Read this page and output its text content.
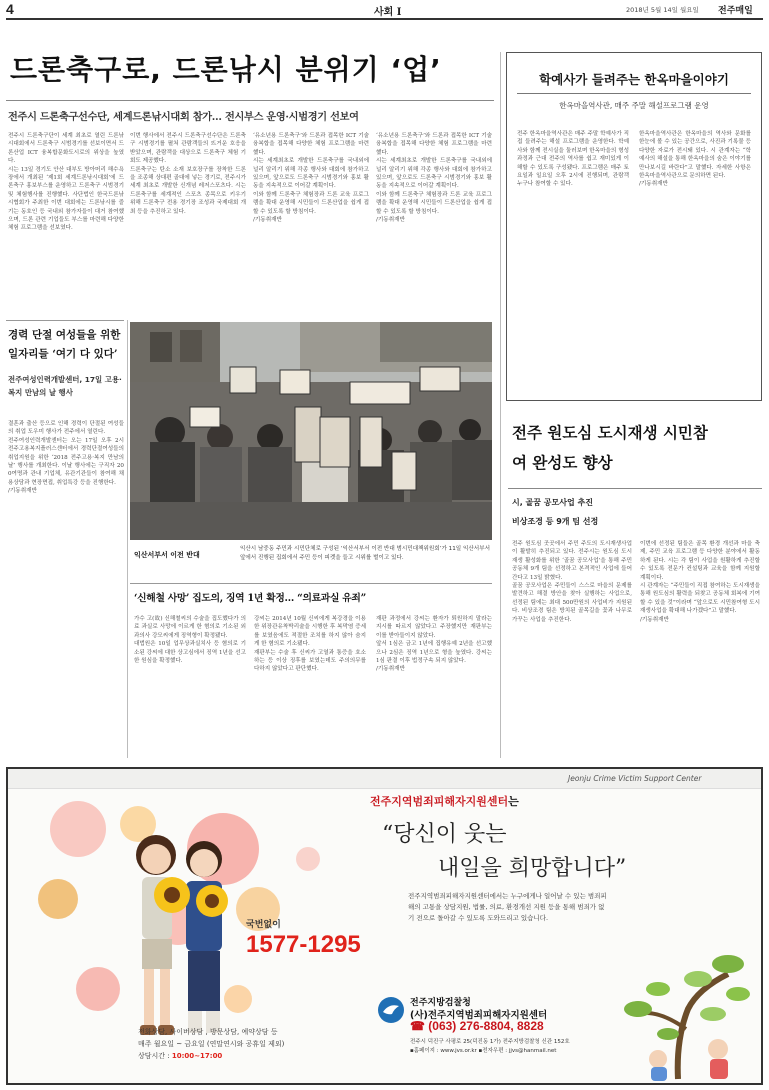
4	사회 Ⅰ	2018년 5월 14일 월요일 전주매일
드론축구로, 드론낚시 분위기 ‘업’
전주시 드론축구선수단, 세계드론낚시대회 참가… 전시부스 운영·시범경기 선보여
전주시 드론축구단이 세계 최초로 열린 드론낚시대회에서 드론축구 시범경기를 선보이면서 드론산업 ICT 융복합문화도시로의 위상을 높였다.
시는 13일 경기도 안산 대부도 방아머리 해수욕장에서 개최된 ‘제1회 세계드론낚시대회’에 드론축구 홍보부스를 운영하고 드론축구 시범경기 및 체험행사를 진행했다. 사단법인 한국드론낚시협회가 주최한 이번 대회에는 드론낚시를 즐기는 동호인 등 국내외 참가자들이 대거 참여했으며, 드론 관련 기업들도 부스를 마련해 다양한 체험 프로그램을 선보였다.
이번 행사에서 전주시 드론축구선수단은 드론축구 시범경기를 펼쳐 관람객들의 뜨거운 호응을 받았으며, 관람객을 대상으로 드론축구 체험 기회도 제공했다.
드론축구는 탄소 소재 보호장구를 장착한 드론을 조종해 상대편 골대에 넣는 경기로, 전주시가 세계 최초로 개발한 신개념 레저스포츠다. 시는 드론축구를 세계적인 스포츠 종목으로 키우기 위해 드론축구 전용 경기장 조성과 국제대회 개최 등을 추진하고 있다.
‘유소년용 드론축구’와 드론과 접목한 ICT 기술 융복합을 접목해 다양한 체험 프로그램을 마련했다.
시는 세계최초로 개발한 드론축구를 국내외에 널리 알리기 위해 각종 행사와 대회에 참가하고 있으며, 앞으로도 드론축구 시범경기와 홍보 활동을 지속적으로 이어갈 계획이다.
이와 함께 드론축구 체험장과 드론 교육 프로그램을 확대 운영해 시민들이 드론산업을 쉽게 접할 수 있도록 할 방침이다.
/기동취재반
‘유소년용 드론축구’와 드론과 접목한 ICT 기술 융복합을 접목해 다양한 체험 프로그램을 마련했다.
시는 세계최초로 개발한 드론축구를 국내외에 널리 알리기 위해 각종 행사와 대회에 참가하고 있으며, 앞으로도 드론축구 시범경기와 홍보 활동을 지속적으로 이어갈 계획이다.
이와 함께 드론축구 체험장과 드론 교육 프로그램을 확대 운영해 시민들이 드론산업을 쉽게 접할 수 있도록 할 방침이다.
/기동취재반
학예사가 들려주는 한옥마을이야기
한옥마을역사관, 매주 주말 해설프로그램 운영
전주 한옥마을역사관은 매주 주말 학예사가 직접 들려주는 해설 프로그램을 운영한다. 학예사와 함께 전시실을 둘러보며 한옥마을의 형성 과정과 근대 전주의 역사를 쉽고 재미있게 이해할 수 있도록 구성됐다. 프로그램은 매주 토요일과 일요일 오후 2시에 진행되며, 관람객 누구나 참여할 수 있다.
한옥마을역사관은 한옥마을의 역사와 문화를 한눈에 볼 수 있는 공간으로, 사진과 기록물 등 다양한 자료가 전시돼 있다. 시 관계자는 “학예사의 해설을 통해 한옥마을의 숨은 이야기를 만나보시길 바란다”고 말했다. 자세한 사항은 한옥마을역사관으로 문의하면 된다.
/기동취재반
경력 단절 여성들을 위한 일자리들 ‘여기 다 있다’
전주여성인력개발센터, 17일 고용·복지 만남의 날 행사
결혼과 출산 등으로 인해 경력이 단절된 여성들의 취업 도우미 행사가 전주에서 열린다.
전주여성인력개발센터는 오는 17일 오후 2시 전주고용복지플러스센터에서 경력단절여성들의 취업지원을 위한 ‘2018 전주고용·복지 만남의 날’ 행사를 개최한다. 이날 행사에는 구직자 200여명과 관내 기업체, 유관기관들이 참여해 채용상담과 현장면접, 취업특강 등을 진행한다.
/기동취재반
익산서부서 이전 반대
익산시 남중동 주민과 시민단체로 구성된 ‘익산서부서 이전 반대 범시민대책위원회’가 11일 익산서부서 앞에서 진행된 집회에서 주민 등이 피켓을 들고 시위를 벌이고 있다.
‘신해철 사망’ 집도의, 징역 1년 확정… “의료과실 유죄”
가수 고(故) 신해철씨의 수술을 집도했다가 의료 과실로 사망에 이르게 한 혐의로 기소된 외과의사 강모씨에게 징역형이 확정됐다.
대법원은 10일 업무상과실치사 등 혐의로 기소된 강씨에 대한 상고심에서 징역 1년을 선고한 원심을 확정했다.
강씨는 2014년 10월 신씨에게 복강경을 이용한 위장관유착박리술을 시행한 후 복막염 증세를 보였음에도 적절한 조치를 하지 않아 숨지게 한 혐의로 기소됐다.
재판부는 수술 후 신씨가 고열과 통증을 호소하는 등 이상 징후를 보였는데도 주의의무를 다하지 않았다고 판단했다.
재판 과정에서 강씨는 환자가 퇴원하지 말라는 지시를 따르지 않았다고 주장했지만 재판부는 이를 받아들이지 않았다.
앞서 1심은 금고 1년에 집행유예 2년을 선고했으나 2심은 징역 1년으로 형을 높였다. 강씨는 1심 판결 이후 법정구속 되지 않았다.
/기동취재반
전주 원도심 도시재생 시민참여 완성도 향상
시, 골꿈 공모사업 추진
비상조경 등 9개 팀 선정
전주 원도심 곳곳에서 주민 주도의 도시재생사업이 활발히 추진되고 있다. 전주시는 원도심 도시재생 활성화를 위한 ‘골꿈 공모사업’을 통해 주민 공동체 9개 팀을 선정하고 본격적인 사업에 들어간다고 13일 밝혔다.
골꿈 공모사업은 주민들이 스스로 마을의 문제를 발견하고 해결 방안을 찾아 실행하는 사업으로, 선정된 팀에는 최대 500만원의 사업비가 지원된다. 비상조경 팀은 방치된 골목길을 꽃과 나무로 가꾸는 사업을 추진한다.
이번에 선정된 팀들은 골목 환경 개선과 마을 축제, 주민 교육 프로그램 등 다양한 분야에서 활동하게 된다. 시는 각 팀이 사업을 원활하게 추진할 수 있도록 전문가 컨설팅과 교육을 함께 지원할 계획이다.
시 관계자는 “주민들이 직접 참여하는 도시재생을 통해 원도심의 활력을 되찾고 공동체 회복에 기여할 수 있을 것”이라며 “앞으로도 시민참여형 도시재생사업을 확대해 나가겠다”고 말했다.
/기동취재반
Jeonju Crime Victim Support Center
국번없이
1577-1295
전화상담, 사이버상담 , 방문상담, 예약상담 등
매주 월요일 ~ 금요일 (연말연시와 공휴일 제외)
상담시간 : 10:00~17:00
전주지역범죄피해자지원센터는
“당신이 웃는
내일을 희망합니다”
전주지역범죄피해자지원센터에서는 누구에게나 일어날 수 있는 범죄피해의 고통을 상담지원, 법률, 의료, 환경개선 지원 등을 통해 범죄가 없기 전으로 돌아갈 수 있도록 도와드리고 있습니다.
전주지방검찰청
(사)전주지역범죄피해자지원센터
☎ (063) 276-8804, 8828
전주시 덕진구 사평로 25(덕진동 1가) 전주지방검찰청 신관 152호
▪홈페이지 : www.jvs.or.kr ▪전자우편 : jjvs@hanmail.net
